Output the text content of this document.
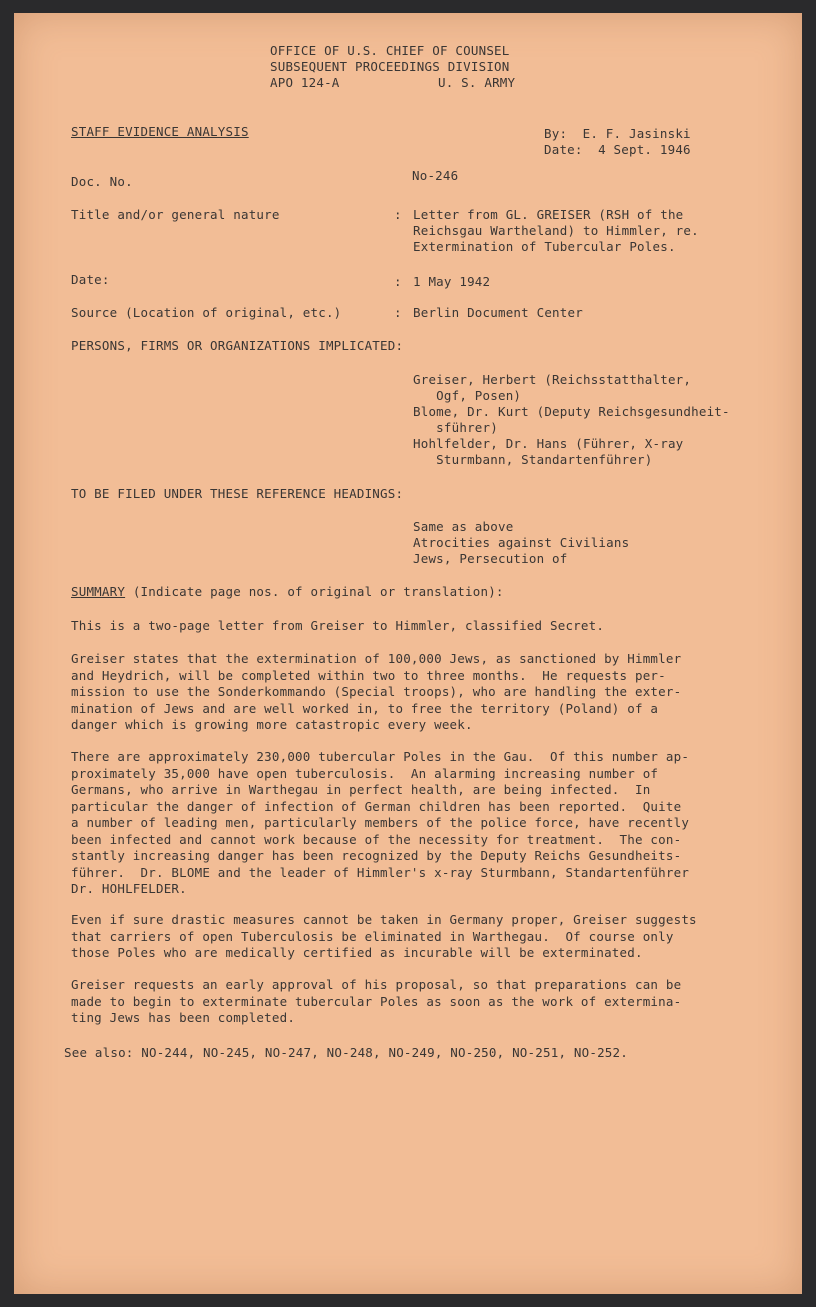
OFFICE OF U.S. CHIEF OF COUNSEL
SUBSEQUENT PROCEEDINGS DIVISION
APO 124-A	U. S. ARMY
STAFF EVIDENCE ANALYSIS	By:  E. F. Jasinski
Date:  4 Sept. 1946
Doc. No.	No-246
Title and/or general nature	: Letter from GL. GREISER (RSH of the
Reichsgau Wartheland) to Himmler, re.
Extermination of Tubercular Poles.
Date:	: 1 May 1942
Source (Location of original, etc.)	: Berlin Document Center
PERSONS, FIRMS OR ORGANIZATIONS IMPLICATED:
Greiser, Herbert (Reichsstatthalter,
Ogf, Posen)
Blome, Dr. Kurt (Deputy Reichsgesundheit-
sführer)
Hohlfelder, Dr. Hans (Führer, X-ray
Sturmbann, Standartenführer)
TO BE FILED UNDER THESE REFERENCE HEADINGS:
Same as above
Atrocities against Civilians
Jews, Persecution of
SUMMARY (Indicate page nos. of original or translation):
This is a two-page letter from Greiser to Himmler, classified Secret.
Greiser states that the extermination of 100,000 Jews, as sanctioned by Himmler
and Heydrich, will be completed within two to three months.  He requests per-
mission to use the Sonderkommando (Special troops), who are handling the exter-
mination of Jews and are well worked in, to free the territory (Poland) of a
danger which is growing more catastropic every week.
There are approximately 230,000 tubercular Poles in the Gau.  Of this number ap-
proximately 35,000 have open tuberculosis.  An alarming increasing number of
Germans, who arrive in Warthegau in perfect health, are being infected.  In
particular the danger of infection of German children has been reported.  Quite
a number of leading men, particularly members of the police force, have recently
been infected and cannot work because of the necessity for treatment.  The con-
stantly increasing danger has been recognized by the Deputy Reichs Gesundheits-
führer.  Dr. BLOME and the leader of Himmler's x-ray Sturmbann, Standartenführer
Dr. HOHLFELDER.
Even if sure drastic measures cannot be taken in Germany proper, Greiser suggests
that carriers of open Tuberculosis be eliminated in Warthegau.  Of course only
those Poles who are medically certified as incurable will be exterminated.
Greiser requests an early approval of his proposal, so that preparations can be
made to begin to exterminate tubercular Poles as soon as the work of extermina-
ting Jews has been completed.
See also: NO-244, NO-245, NO-247, NO-248, NO-249, NO-250, NO-251, NO-252.
